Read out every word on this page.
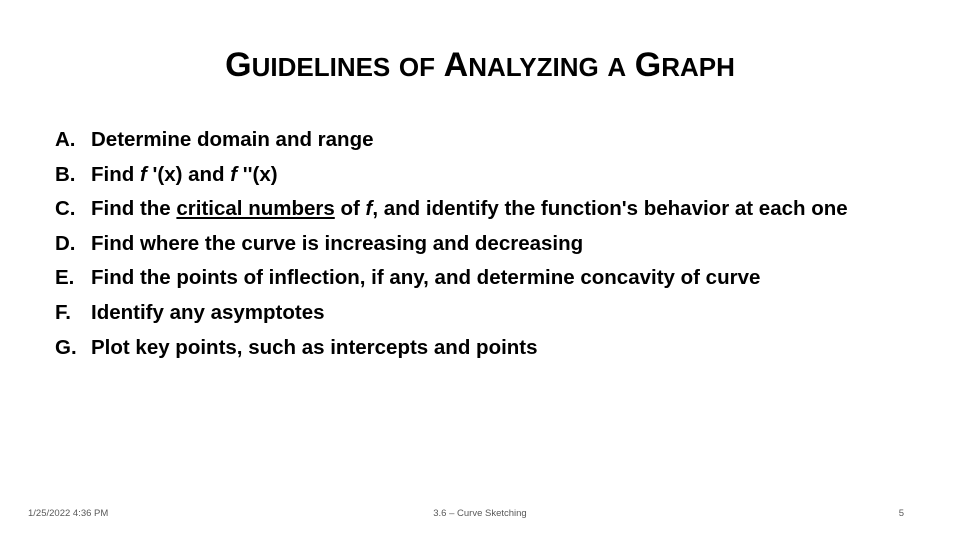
GUIDELINES OF ANALYZING A GRAPH
A. Determine domain and range
B. Find f '(x) and f ''(x)
C. Find the critical numbers of f, and identify the function's behavior at each one
D. Find where the curve is increasing and decreasing
E. Find the points of inflection, if any, and determine concavity of curve
F. Identify any asymptotes
G. Plot key points, such as intercepts and points
1/25/2022 4:36 PM	3.6 – Curve Sketching	5
